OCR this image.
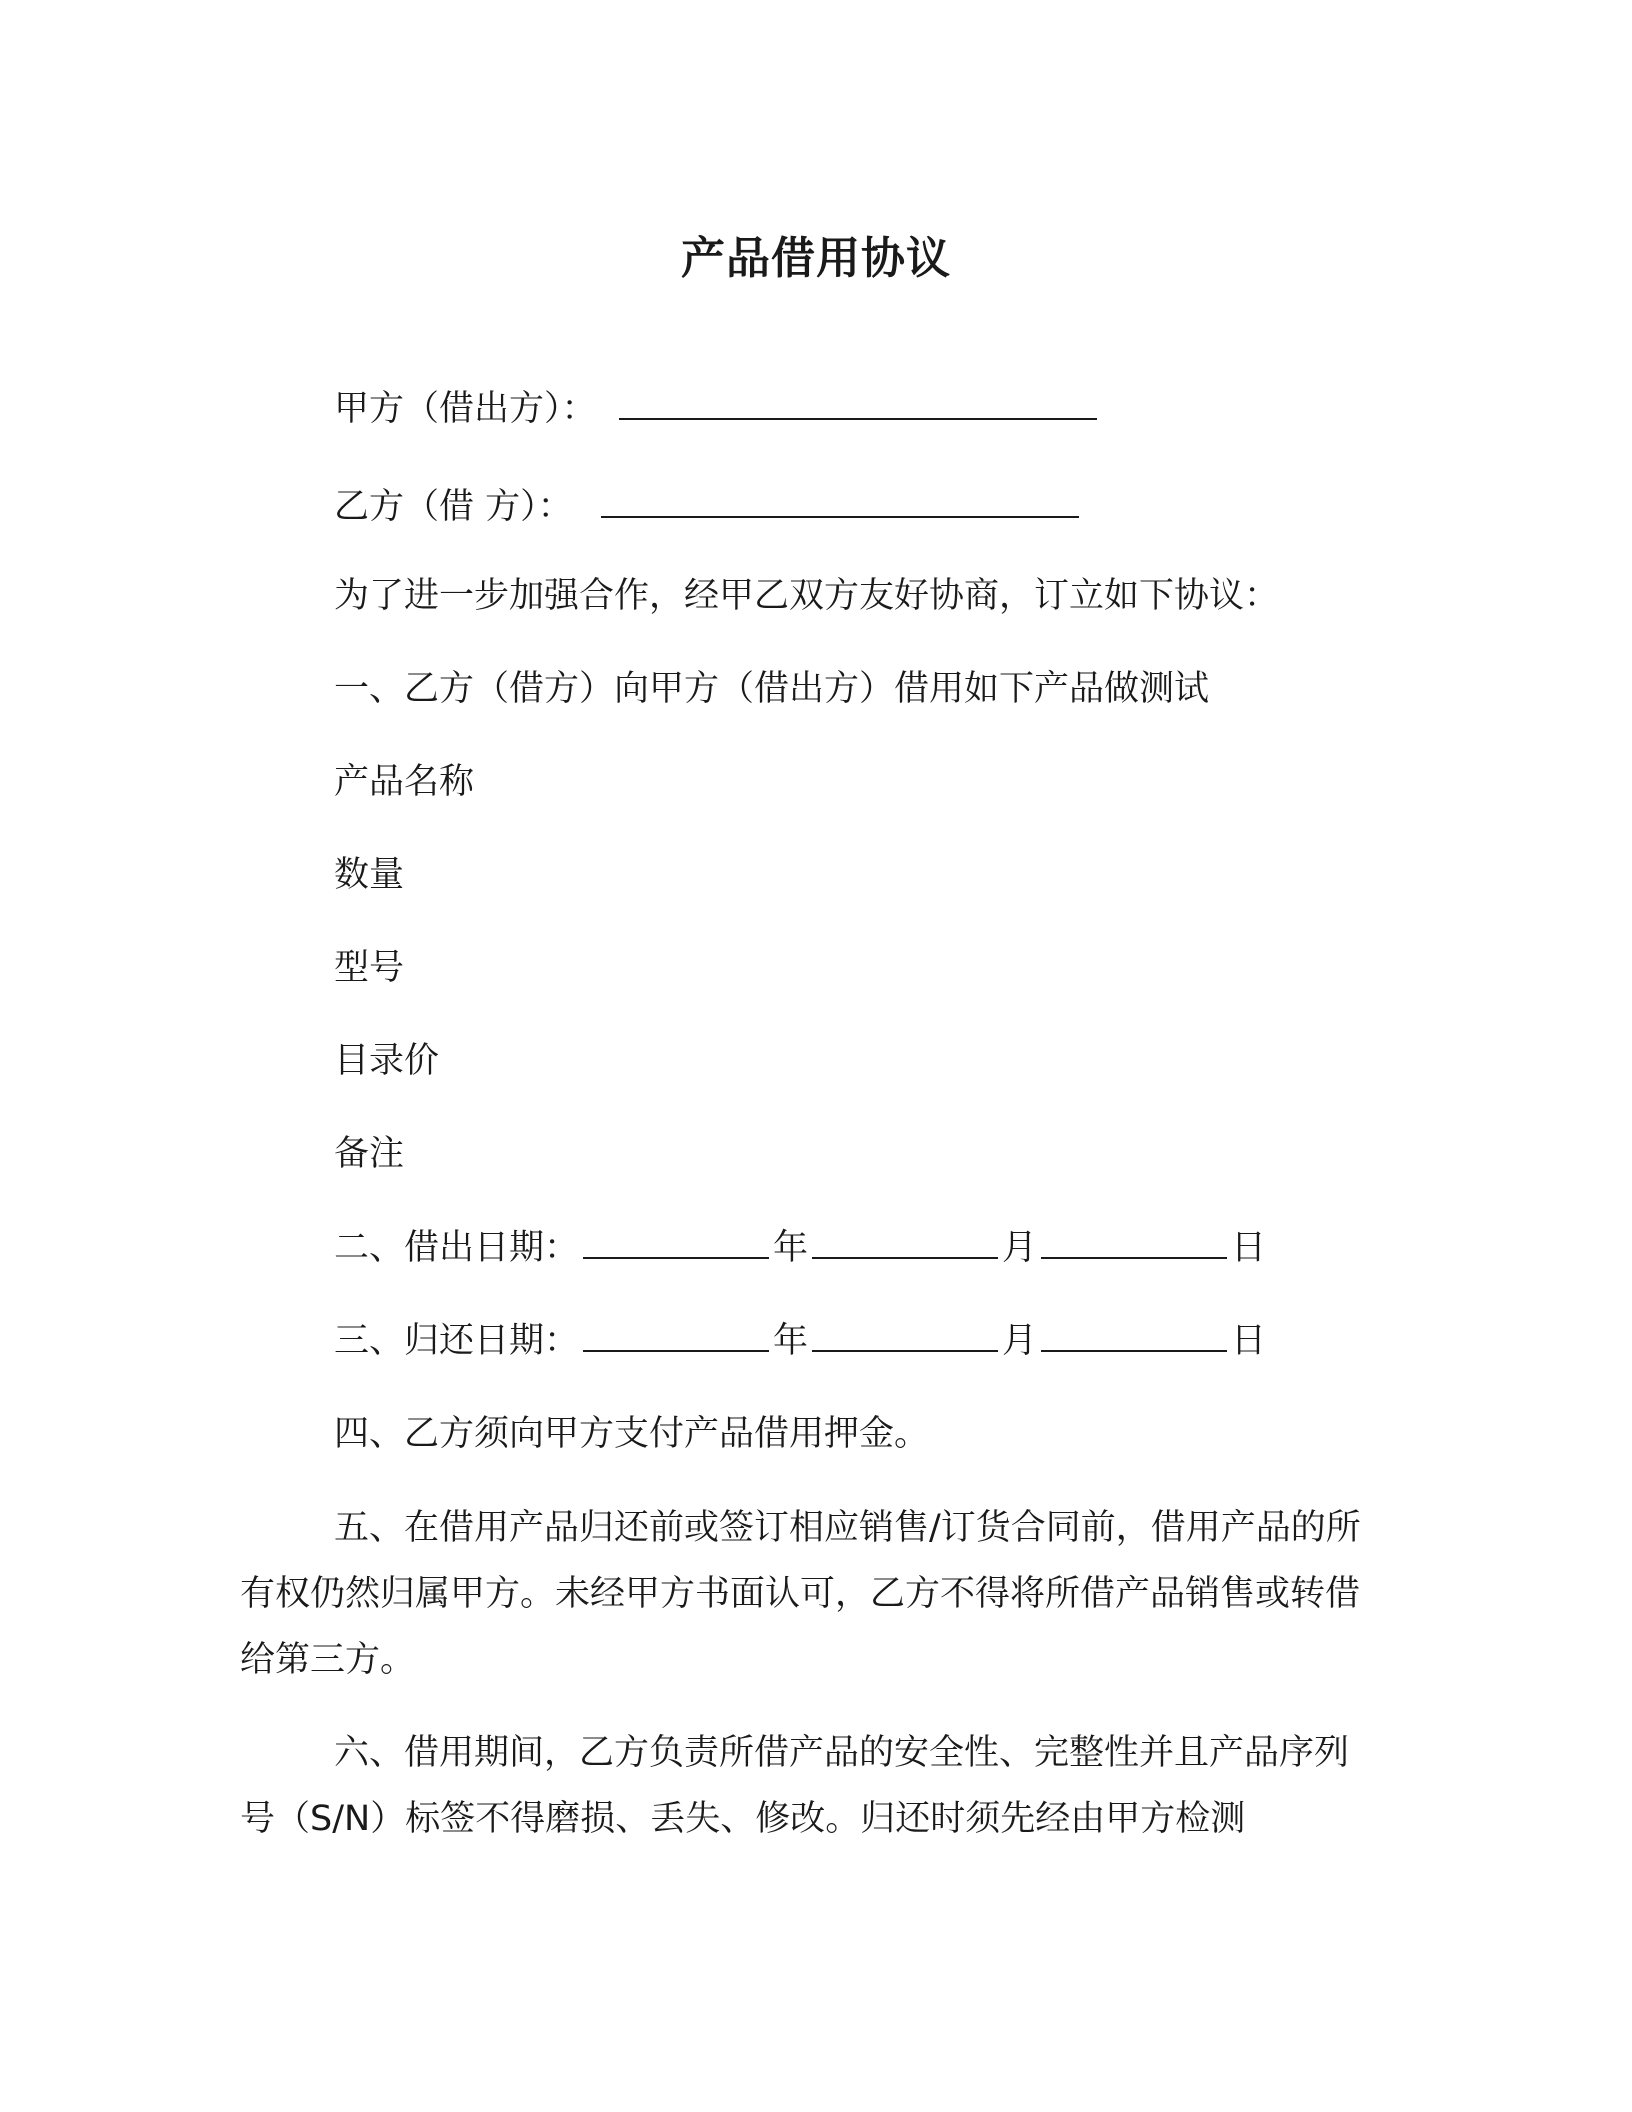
产品借用协议
甲方（借出方）：
乙方（借 方）：
为了进一步加强合作，经甲乙双方友好协商，订立如下协议：
一、乙方（借方）向甲方（借出方）借用如下产品做测试
产品名称
数量
型号
目录价
备注
二、借出日期：	年	月	日
三、归还日期：	年	月	日
四、乙方须向甲方支付产品借用押金。
五、在借用产品归还前或签订相应销售/订货合同前，借用产品的所有权仍然归属甲方。未经甲方书面认可，乙方不得将所借产品销售或转借给第三方。
六、借用期间，乙方负责所借产品的安全性、完整性并且产品序列号（S/N）标签不得磨损、丢失、修改。归还时须先经由甲方检测
